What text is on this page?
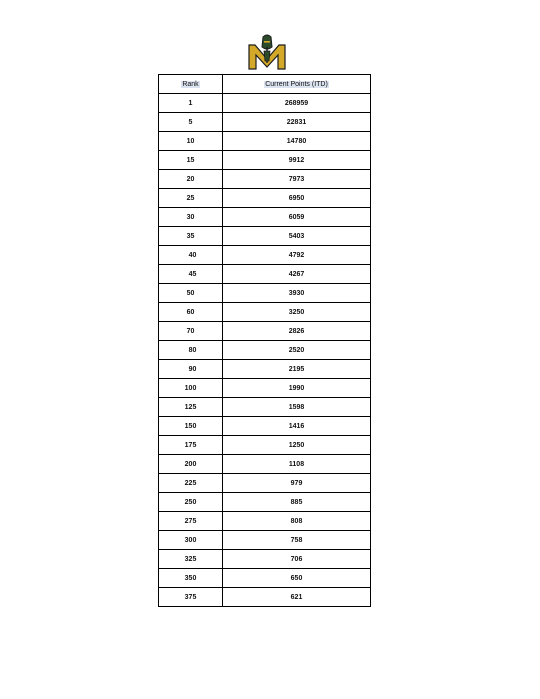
Rank	Current Points (ITD)
1	268959
5	22831
10	14780
15	9912
20	7973
25	6950
30	6059
35	5403
40	4792
45	4267
50	3930
60	3250
70	2826
80	2520
90	2195
100	1990
125	1598
150	1416
175	1250
200	1108
225	979
250	885
275	808
300	758
325	706
350	650
375	621
